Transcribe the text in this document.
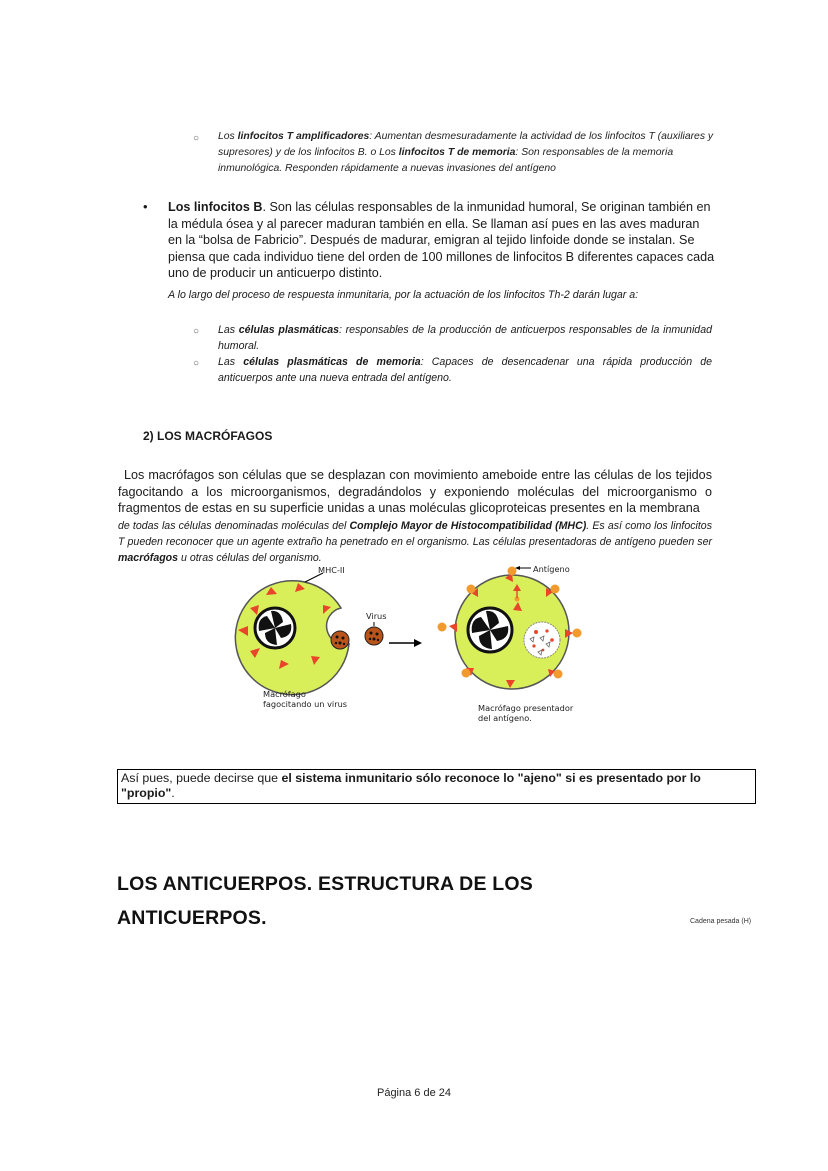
○ Los linfocitos T amplificadores: Aumentan desmesuradamente la actividad de los linfocitos T (auxiliares y supresores) y de los linfocitos B. o Los linfocitos T de memoria: Son responsables de la memoria inmunológica. Responden rápidamente a nuevas invasiones del antígeno
• Los linfocitos B. Son las células responsables de la inmunidad humoral, Se originan también en la médula ósea y al parecer maduran también en ella. Se llaman así pues en las aves maduran en la “bolsa de Fabricio”. Después de madurar, emigran al tejido linfoide donde se instalan. Se piensa que cada individuo tiene del orden de 100 millones de linfocitos B diferentes capaces cada uno de producir un anticuerpo distinto.
A lo largo del proceso de respuesta inmunitaria, por la actuación de los linfocitos Th-2 darán lugar a:
○ Las células plasmáticas: responsables de la producción de anticuerpos responsables de la inmunidad humoral.
○ Las células plasmáticas de memoria: Capaces de desencadenar una rápida producción de anticuerpos ante una nueva entrada del antígeno.
2) LOS MACRÓFAGOS
Los macrófagos son células que se desplazan con movimiento ameboide entre las células de los tejidos fagocitando a los microorganismos, degradándolos y exponiendo moléculas del microorganismo o fragmentos de estas en su superficie unidas a unas moléculas glicoproteicas presentes en la membrana
de todas las células denominadas moléculas del Complejo Mayor de Histocompatibilidad (MHC). Es así como los linfocitos T pueden reconocer que un agente extraño ha penetrado en el organismo. Las células presentadoras de antígeno pueden ser macrófagos u otras células del organismo.
MHC-II
Virus
Antígeno
Macrófago
fagocitando un virus	Macrófago presentador
del antígeno.
Así pues, puede decirse que el sistema inmunitario sólo reconoce lo "ajeno" si es presentado por lo "propio".
LOS ANTICUERPOS. ESTRUCTURA DE LOS
ANTICUERPOS.	Cadena pesada (H)
Página 6 de 24
